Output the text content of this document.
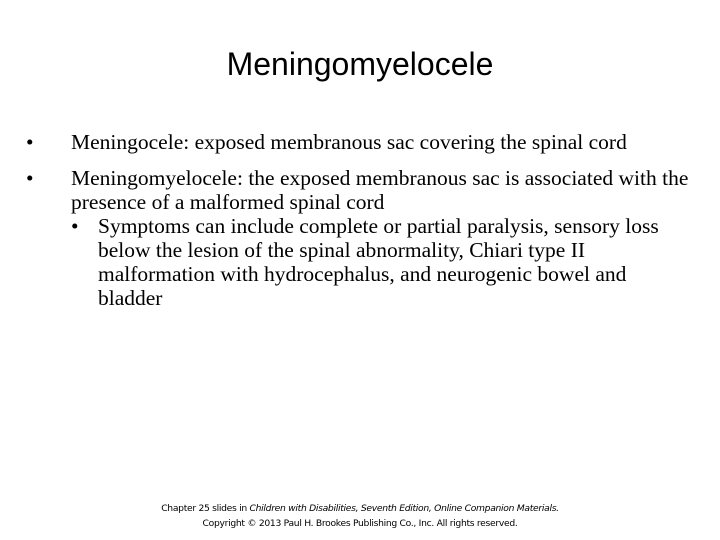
Meningomyelocele
• Meningocele: exposed membranous sac covering the spinal cord
• Meningomyelocele: the exposed membranous sac is associated with the presence of a malformed spinal cord
• Symptoms can include complete or partial paralysis, sensory loss below the lesion of the spinal abnormality, Chiari type II malformation with hydrocephalus, and neurogenic bowel and bladder
Chapter 25 slides in Children with Disabilities, Seventh Edition, Online Companion Materials.
Copyright © 2013 Paul H. Brookes Publishing Co., Inc. All rights reserved.
